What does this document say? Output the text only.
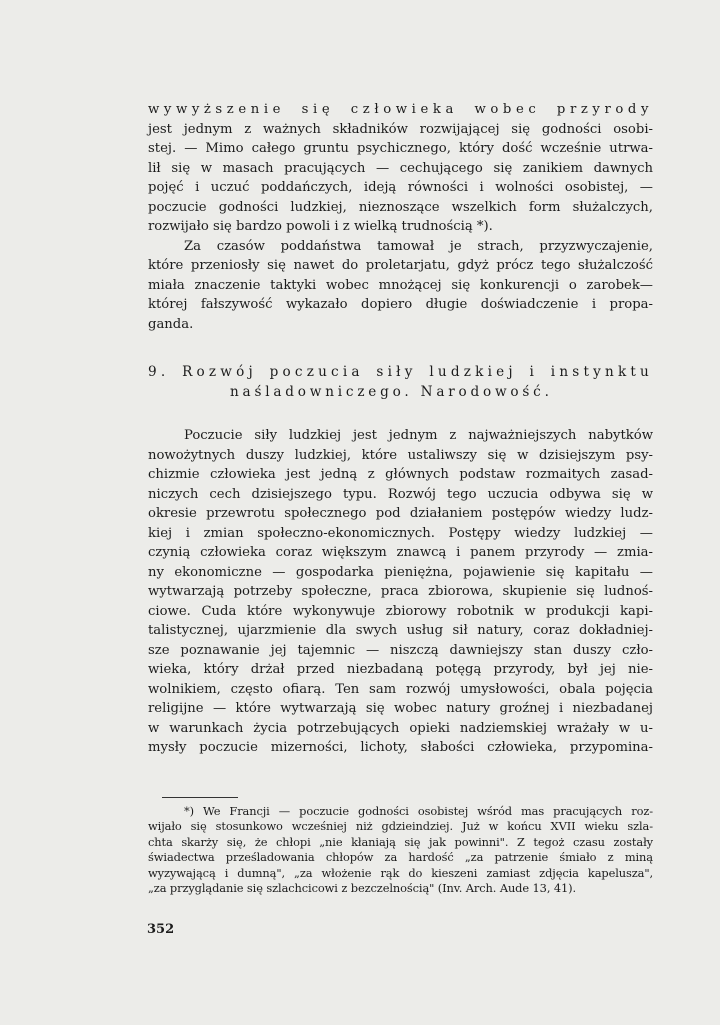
wywyższenie się człowieka wobec przyrody
jest jednym z ważnych składników rozwijającej się godności osobi-
stej. — Mimo całego gruntu psychicznego, który dość wcześnie utrwa-
lił się w masach pracujących — cechującego się zanikiem dawnych
pojęć i uczuć poddańczych, ideją równości i wolności osobistej, —
poczucie godności ludzkiej, nieznoszące wszelkich form służalczych,
rozwijało się bardzo powoli i z wielką trudnością *).

Za czasów poddaństwa tamował je strach, przyzwyczajenie,
które przeniosły się nawet do proletarjatu, gdyż prócz tego służalczość
miała znaczenie taktyki wobec mnożącej się konkurencji o zarobek—
której fałszywość wykazało dopiero długie doświadczenie i propa-
ganda.

9. Rozwój poczucia siły ludzkiej i instynktu
naśladowniczego. Narodowość.

Poczucie siły ludzkiej jest jednym z najważniejszych nabytków
nowożytnych duszy ludzkiej, które ustaliwszy się w dzisiejszym psy-
chizmie człowieka jest jedną z głównych podstaw rozmaitych zasad-
niczych cech dzisiejszego typu. Rozwój tego uczucia odbywa się w
okresie przewrotu społecznego pod działaniem postępów wiedzy ludz-
kiej i zmian społeczno-ekonomicznych. Postępy wiedzy ludzkiej —
czynią człowieka coraz większym znawcą i panem przyrody — zmia-
ny ekonomiczne — gospodarka pieniężna, pojawienie się kapitału —
wytwarzają potrzeby społeczne, praca zbiorowa, skupienie się ludnoś-
ciowe. Cuda które wykonywuje zbiorowy robotnik w produkcji kapi-
talistycznej, ujarzmienie dla swych usług sił natury, coraz dokładniej-
sze poznawanie jej tajemnic — niszczą dawniejszy stan duszy czło-
wieka, który drżał przed niezbadaną potęgą przyrody, był jej nie-
wolnikiem, często ofiarą. Ten sam rozwój umysłowości, obala pojęcia
religijne — które wytwarzają się wobec natury groźnej i niezbadanej
w warunkach życia potrzebujących opieki nadziemskiej wrażały w u-
mysły poczucie mizerności, lichoty, słabości człowieka, przypomina-

*) We Francji — poczucie godności osobistej wśród mas pracujących roz-
wijało się stosunkowo wcześniej niż gdzieindziej. Już w końcu XVII wieku szla-
chta skarży się, że chłopi „nie kłaniają się jak powinni". Z tegoż czasu zostały
świadectwa prześladowania chłopów za hardość „za patrzenie śmiało z miną
wyzywającą i dumną", „za włożenie rąk do kieszeni zamiast zdjęcia kapelusza",
„za przyglądanie się szlachcicowi z bezczelnością" (Inv. Arch. Aude 13, 41).
352
